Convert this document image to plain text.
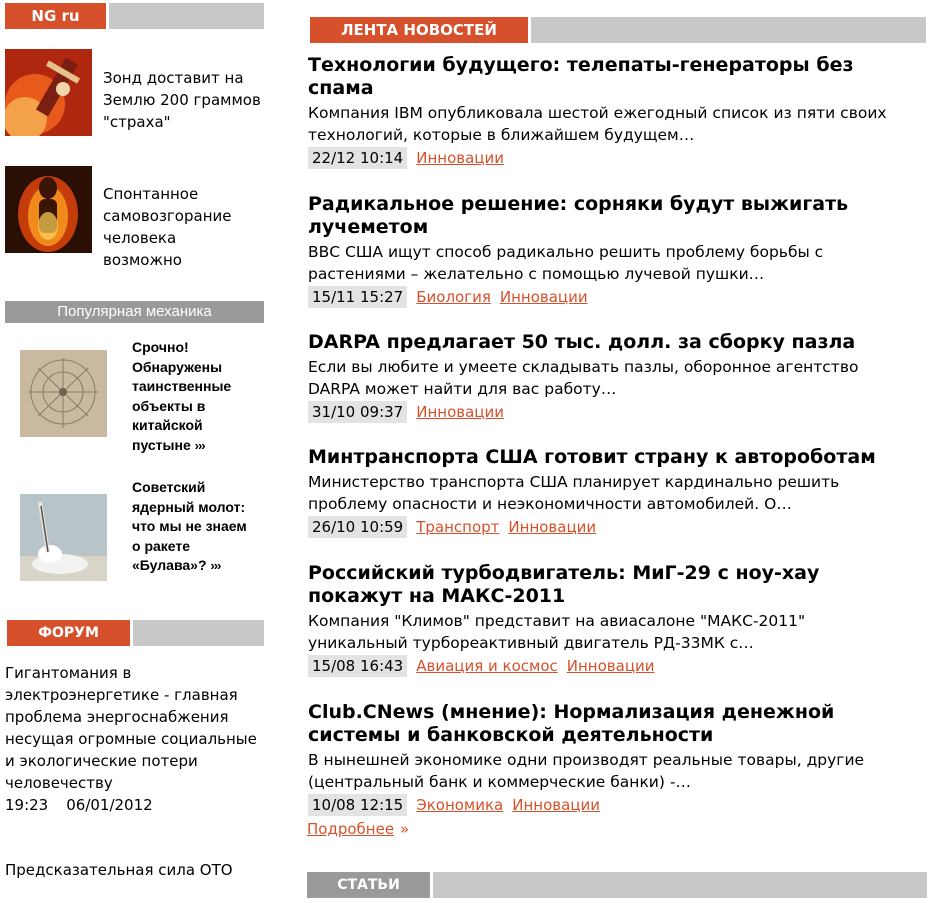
NG ru
Зонд доставит на Землю 200 граммов "страха"
Спонтанное самовозгорание человека возможно
Популярная механика
Срочно! Обнаружены таинственные объекты в китайской пустыне ›››
Советский ядерный молот: что мы не знаем о ракете «Булава»? ›››
ФОРУМ
Гигантомания в электроэнергетике - главная проблема энергоснабжения несущая огромные социальные и экологические потери человечеству
19:23 06/01/2012
Предсказательная сила ОТО
ЛЕНТА НОВОСТЕЙ
Технологии будущего: телепаты-генераторы без спама
Компания IBM опубликовала шестой ежегодный список из пяти своих технологий, которые в ближайшем будущем…
22/12 10:14 Инновации
Радикальное решение: сорняки будут выжигать лучеметом
ВВС США ищут способ радикально решить проблему борьбы с растениями – желательно с помощью лучевой пушки…
15/11 15:27 Биология Инновации
DARPA предлагает 50 тыс. долл. за сборку пазла
Если вы любите и умеете складывать пазлы, оборонное агентство DARPA может найти для вас работу…
31/10 09:37 Инновации
Минтранспорта США готовит страну к авторoботам
Министерство транспорта США планирует кардинально решить проблему опасности и неэкономичности автомобилей. О…
26/10 10:59 Транспорт Инновации
Российский турбодвигатель: МиГ-29 с ноу-хау покажут на МАКС-2011
Компания "Климов" представит на авиасалоне "МАКС-2011" уникальный турбореактивный двигатель РД-33МК с…
15/08 16:43 Авиация и космос Инновации
Club.CNews (мнение): Нормализация денежной системы и банковской деятельности
В нынешней экономике одни производят реальные товары, другие (центральный банк и коммерческие банки) -…
10/08 12:15 Экономика Инновации
Подробнее »
СТАТЬИ
